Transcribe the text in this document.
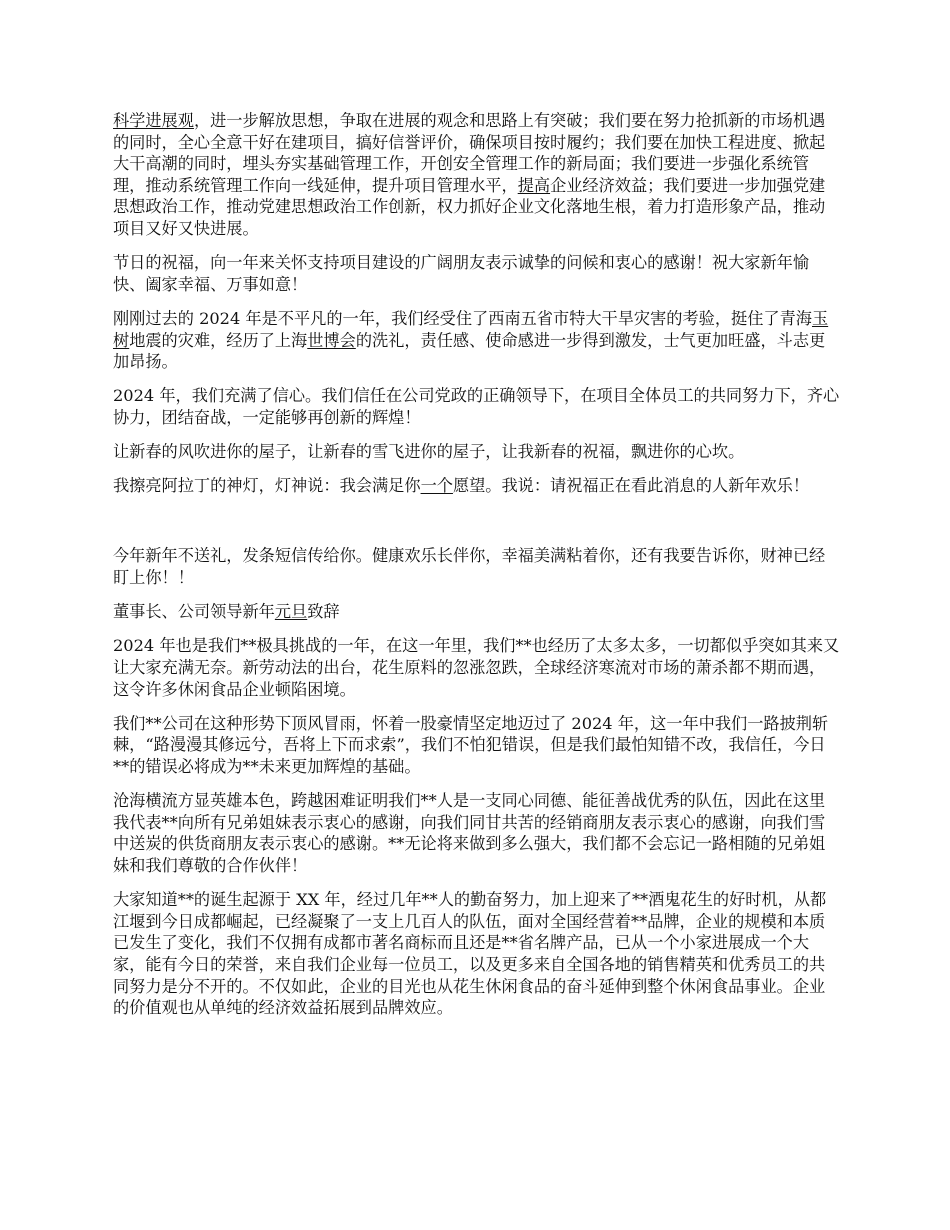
科学进展观，进一步解放思想，争取在进展的观念和思路上有突破；我们要在努力抢抓新的市场机遇的同时，全心全意干好在建项目，搞好信誉评价，确保项目按时履约；我们要在加快工程进度、掀起大干高潮的同时，埋头夯实基础管理工作，开创安全管理工作的新局面；我们要进一步强化系统管理，推动系统管理工作向一线延伸，提升项目管理水平，提高企业经济效益；我们要进一步加强党建思想政治工作，推动党建思想政治工作创新，权力抓好企业文化落地生根，着力打造形象产品，推动项目又好又快进展。

节日的祝福，向一年来关怀支持项目建设的广阔朋友表示诚挚的问候和衷心的感谢！祝大家新年愉快、阖家幸福、万事如意！

刚刚过去的 2024 年是不平凡的一年，我们经受住了西南五省市特大干旱灾害的考验，挺住了青海玉树地震的灾难，经历了上海世博会的洗礼，责任感、使命感进一步得到激发，士气更加旺盛，斗志更加昂扬。

2024 年，我们充满了信心。我们信任在公司党政的正确领导下，在项目全体员工的共同努力下，齐心协力，团结奋战，一定能够再创新的辉煌！

让新春的风吹进你的屋子，让新春的雪飞进你的屋子，让我新春的祝福，飘进你的心坎。

我擦亮阿拉丁的神灯，灯神说：我会满足你一个愿望。我说：请祝福正在看此消息的人新年欢乐！

今年新年不送礼，发条短信传给你。健康欢乐长伴你，幸福美满粘着你，还有我要告诉你，财神已经盯上你！！

董事长、公司领导新年元旦致辞

2024 年也是我们**极具挑战的一年，在这一年里，我们**也经历了太多太多，一切都似乎突如其来又让大家充满无奈。新劳动法的出台，花生原料的忽涨忽跌，全球经济寒流对市场的萧杀都不期而遇，这令许多休闲食品企业顿陷困境。

我们**公司在这种形势下顶风冒雨，怀着一股豪情坚定地迈过了 2024 年，这一年中我们一路披荆斩棘，“路漫漫其修远兮，吾将上下而求索”，我们不怕犯错误，但是我们最怕知错不改，我信任，今日**的错误必将成为**未来更加辉煌的基础。

沧海横流方显英雄本色，跨越困难证明我们**人是一支同心同德、能征善战优秀的队伍，因此在这里我代表**向所有兄弟姐妹表示衷心的感谢，向我们同甘共苦的经销商朋友表示衷心的感谢，向我们雪中送炭的供货商朋友表示衷心的感谢。**无论将来做到多么强大，我们都不会忘记一路相随的兄弟姐妹和我们尊敬的合作伙伴！

大家知道**的诞生起源于 XX 年，经过几年**人的勤奋努力，加上迎来了**酒鬼花生的好时机，从都江堰到今日成都崛起，已经凝聚了一支上几百人的队伍，面对全国经营着**品牌，企业的规模和本质已发生了变化，我们不仅拥有成都市著名商标而且还是**省名牌产品，已从一个小家进展成一个大家，能有今日的荣誉，来自我们企业每一位员工，以及更多来自全国各地的销售精英和优秀员工的共同努力是分不开的。不仅如此，企业的目光也从花生休闲食品的奋斗延伸到整个休闲食品事业。企业的价值观也从单纯的经济效益拓展到品牌效应。
